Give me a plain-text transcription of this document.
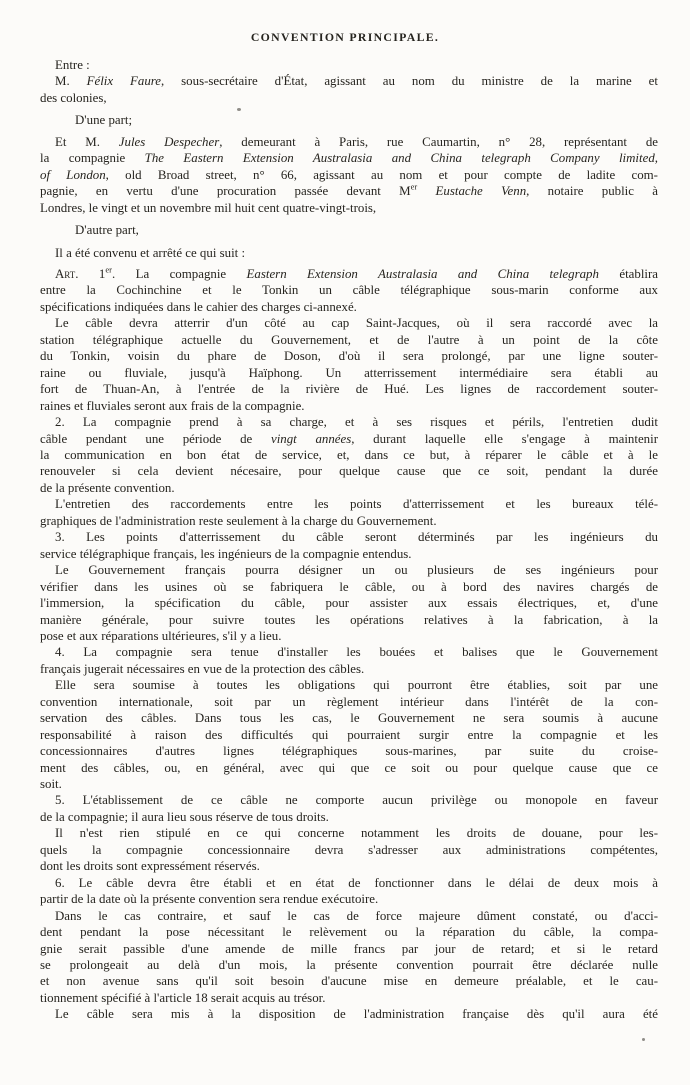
CONVENTION PRINCIPALE.

Entre :

M. Félix Faure, sous-secrétaire d'État, agissant au nom du ministre de la marine et
des colonies,

D'une part;

Et M. Jules Despecher, demeurant à Paris, rue Caumartin, n° 28, représentant de
la compagnie The Eastern Extension Australasia and China telegraph Company limited,
of London, old Broad street, n° 66, agissant au nom et pour compte de ladite com-
pagnie, en vertu d'une procuration passée devant Mer Eustache Venn, notaire public à
Londres, le vingt et un novembre mil huit cent quatre-vingt-trois,

D'autre part,

Il a été convenu et arrêté ce qui suit :

Art. 1er. La compagnie Eastern Extension Australasia and China telegraph établira
entre la Cochinchine et le Tonkin un câble télégraphique sous-marin conforme aux
spécifications indiquées dans le cahier des charges ci-annexé.

Le câble devra atterrir d'un côté au cap Saint-Jacques, où il sera raccordé avec la
station télégraphique actuelle du Gouvernement, et de l'autre à un point de la côte
du Tonkin, voisin du phare de Doson, d'où il sera prolongé, par une ligne souter-
raine ou fluviale, jusqu'à Haïphong. Un atterrissement intermédiaire sera établi au
fort de Thuan-An, à l'entrée de la rivière de Hué. Les lignes de raccordement souter-
raines et fluviales seront aux frais de la compagnie.

2. La compagnie prend à sa charge, et à ses risques et périls, l'entretien dudit
câble pendant une période de vingt années, durant laquelle elle s'engage à maintenir
la communication en bon état de service, et, dans ce but, à réparer le câble et à le
renouveler si cela devient nécesaire, pour quelque cause que ce soit, pendant la durée
de la présente convention.

L'entretien des raccordements entre les points d'atterrissement et les bureaux télé-
graphiques de l'administration reste seulement à la charge du Gouvernement.

3. Les points d'atterrissement du câble seront déterminés par les ingénieurs du
service télégraphique français, les ingénieurs de la compagnie entendus.

Le Gouvernement français pourra désigner un ou plusieurs de ses ingénieurs pour
vérifier dans les usines où se fabriquera le câble, ou à bord des navires chargés de
l'immersion, la spécification du câble, pour assister aux essais électriques, et, d'une
manière générale, pour suivre toutes les opérations relatives à la fabrication, à la
pose et aux réparations ultérieures, s'il y a lieu.

4. La compagnie sera tenue d'installer les bouées et balises que le Gouvernement
français jugerait nécessaires en vue de la protection des câbles.

Elle sera soumise à toutes les obligations qui pourront être établies, soit par une
convention internationale, soit par un règlement intérieur dans l'intérêt de la con-
servation des câbles. Dans tous les cas, le Gouvernement ne sera soumis à aucune
responsabilité à raison des difficultés qui pourraient surgir entre la compagnie et les
concessionnaires d'autres lignes télégraphiques sous-marines, par suite du croise-
ment des câbles, ou, en général, avec qui que ce soit ou pour quelque cause que ce
soit.

5. L'établissement de ce câble ne comporte aucun privilège ou monopole en faveur
de la compagnie; il aura lieu sous réserve de tous droits.

Il n'est rien stipulé en ce qui concerne notamment les droits de douane, pour les-
quels la compagnie concessionnaire devra s'adresser aux administrations compétentes,
dont les droits sont expressément réservés.

6. Le câble devra être établi et en état de fonctionner dans le délai de deux mois à
partir de la date où la présente convention sera rendue exécutoire.

Dans le cas contraire, et sauf le cas de force majeure dûment constaté, ou d'acci-
dent pendant la pose nécessitant le relèvement ou la réparation du câble, la compa-
gnie serait passible d'une amende de mille francs par jour de retard; et si le retard
se prolongeait au delà d'un mois, la présente convention pourrait être déclarée nulle
et non avenue sans qu'il soit besoin d'aucune mise en demeure préalable, et le cau-
tionnement spécifié à l'article 18 serait acquis au trésor.

Le câble sera mis à la disposition de l'administration française dès qu'il aura été
